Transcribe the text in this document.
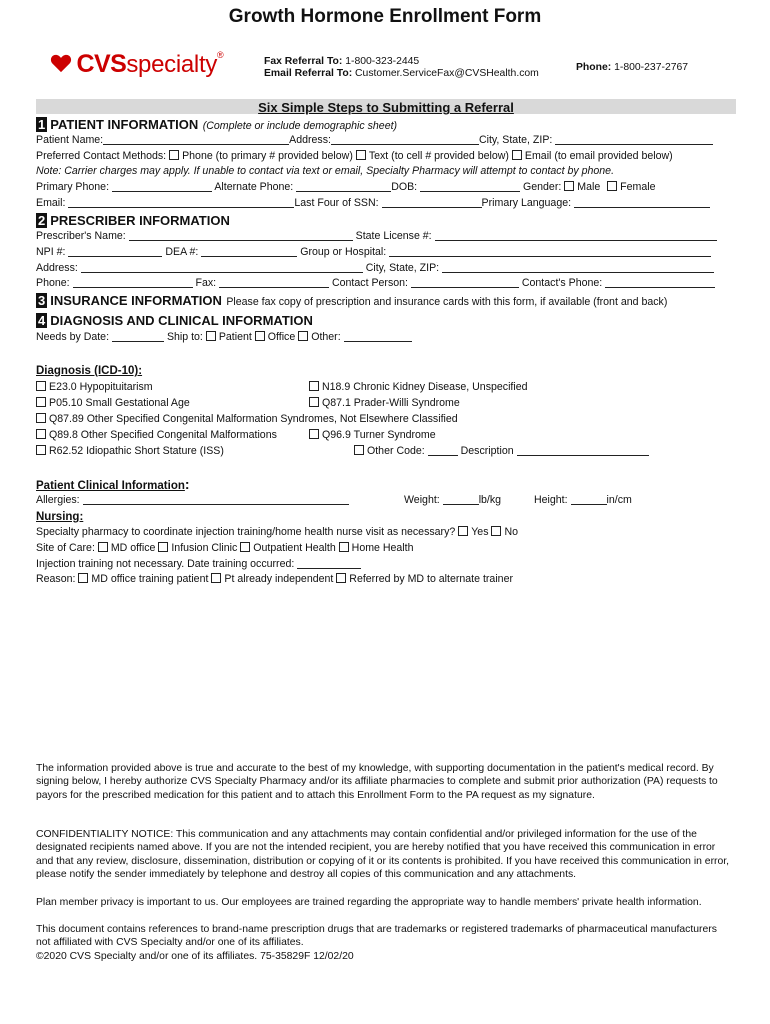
Growth Hormone Enrollment Form
CVSspecialty®
Fax Referral To: 1-800-323-2445
Email Referral To: Customer.ServiceFax@CVSHealth.com
Phone: 1-800-237-2767
Six Simple Steps to Submitting a Referral
1 PATIENT INFORMATION (Complete or include demographic sheet)
Patient Name:	Address:	City, State, ZIP:
Preferred Contact Methods: Phone (to primary # provided below) Text (to cell # provided below) Email (to email provided below)
Note: Carrier charges may apply. If unable to contact via text or email, Specialty Pharmacy will attempt to contact by phone.
Primary Phone:	Alternate Phone:	DOB:	Gender: Male Female
Email:	Last Four of SSN:	Primary Language:
2 PRESCRIBER INFORMATION
Prescriber's Name:	State License #:
NPI #:	DEA #:	Group or Hospital:
Address:	City, State, ZIP:
Phone:	Fax:	Contact Person:	Contact's Phone:
3 INSURANCE INFORMATION Please fax copy of prescription and insurance cards with this form, if available (front and back)
4 DIAGNOSIS AND CLINICAL INFORMATION
Needs by Date:	Ship to: Patient Office Other:
Diagnosis (ICD-10):
E23.0 Hypopituitarism
P05.10 Small Gestational Age
Q87.89 Other Specified Congenital Malformation Syndromes, Not Elsewhere Classified
Q89.8 Other Specified Congenital Malformations
R62.52 Idiopathic Short Stature (ISS)
N18.9 Chronic Kidney Disease, Unspecified
Q87.1 Prader-Willi Syndrome
Q96.9 Turner Syndrome
Other Code:	Description
Patient Clinical Information:
Allergies:	Weight:	lb/kg	Height:	in/cm
Nursing:
Specialty pharmacy to coordinate injection training/home health nurse visit as necessary? Yes No
Site of Care: MD office Infusion Clinic Outpatient Health Home Health
Injection training not necessary. Date training occurred:
Reason: MD office training patient Pt already independent Referred by MD to alternate trainer
The information provided above is true and accurate to the best of my knowledge, with supporting documentation in the patient's medical record. By signing below, I hereby authorize CVS Specialty Pharmacy and/or its affiliate pharmacies to complete and submit prior authorization (PA) requests to payors for the prescribed medication for this patient and to attach this Enrollment Form to the PA request as my signature.
CONFIDENTIALITY NOTICE: This communication and any attachments may contain confidential and/or privileged information for the use of the designated recipients named above. If you are not the intended recipient, you are hereby notified that you have received this communication in error and that any review, disclosure, dissemination, distribution or copying of it or its contents is prohibited. If you have received this communication in error, please notify the sender immediately by telephone and destroy all copies of this communication and any attachments.
Plan member privacy is important to us. Our employees are trained regarding the appropriate way to handle members' private health information.
This document contains references to brand-name prescription drugs that are trademarks or registered trademarks of pharmaceutical manufacturers not affiliated with CVS Specialty and/or one of its affiliates.
©2020 CVS Specialty and/or one of its affiliates. 75-35829F 12/02/20
